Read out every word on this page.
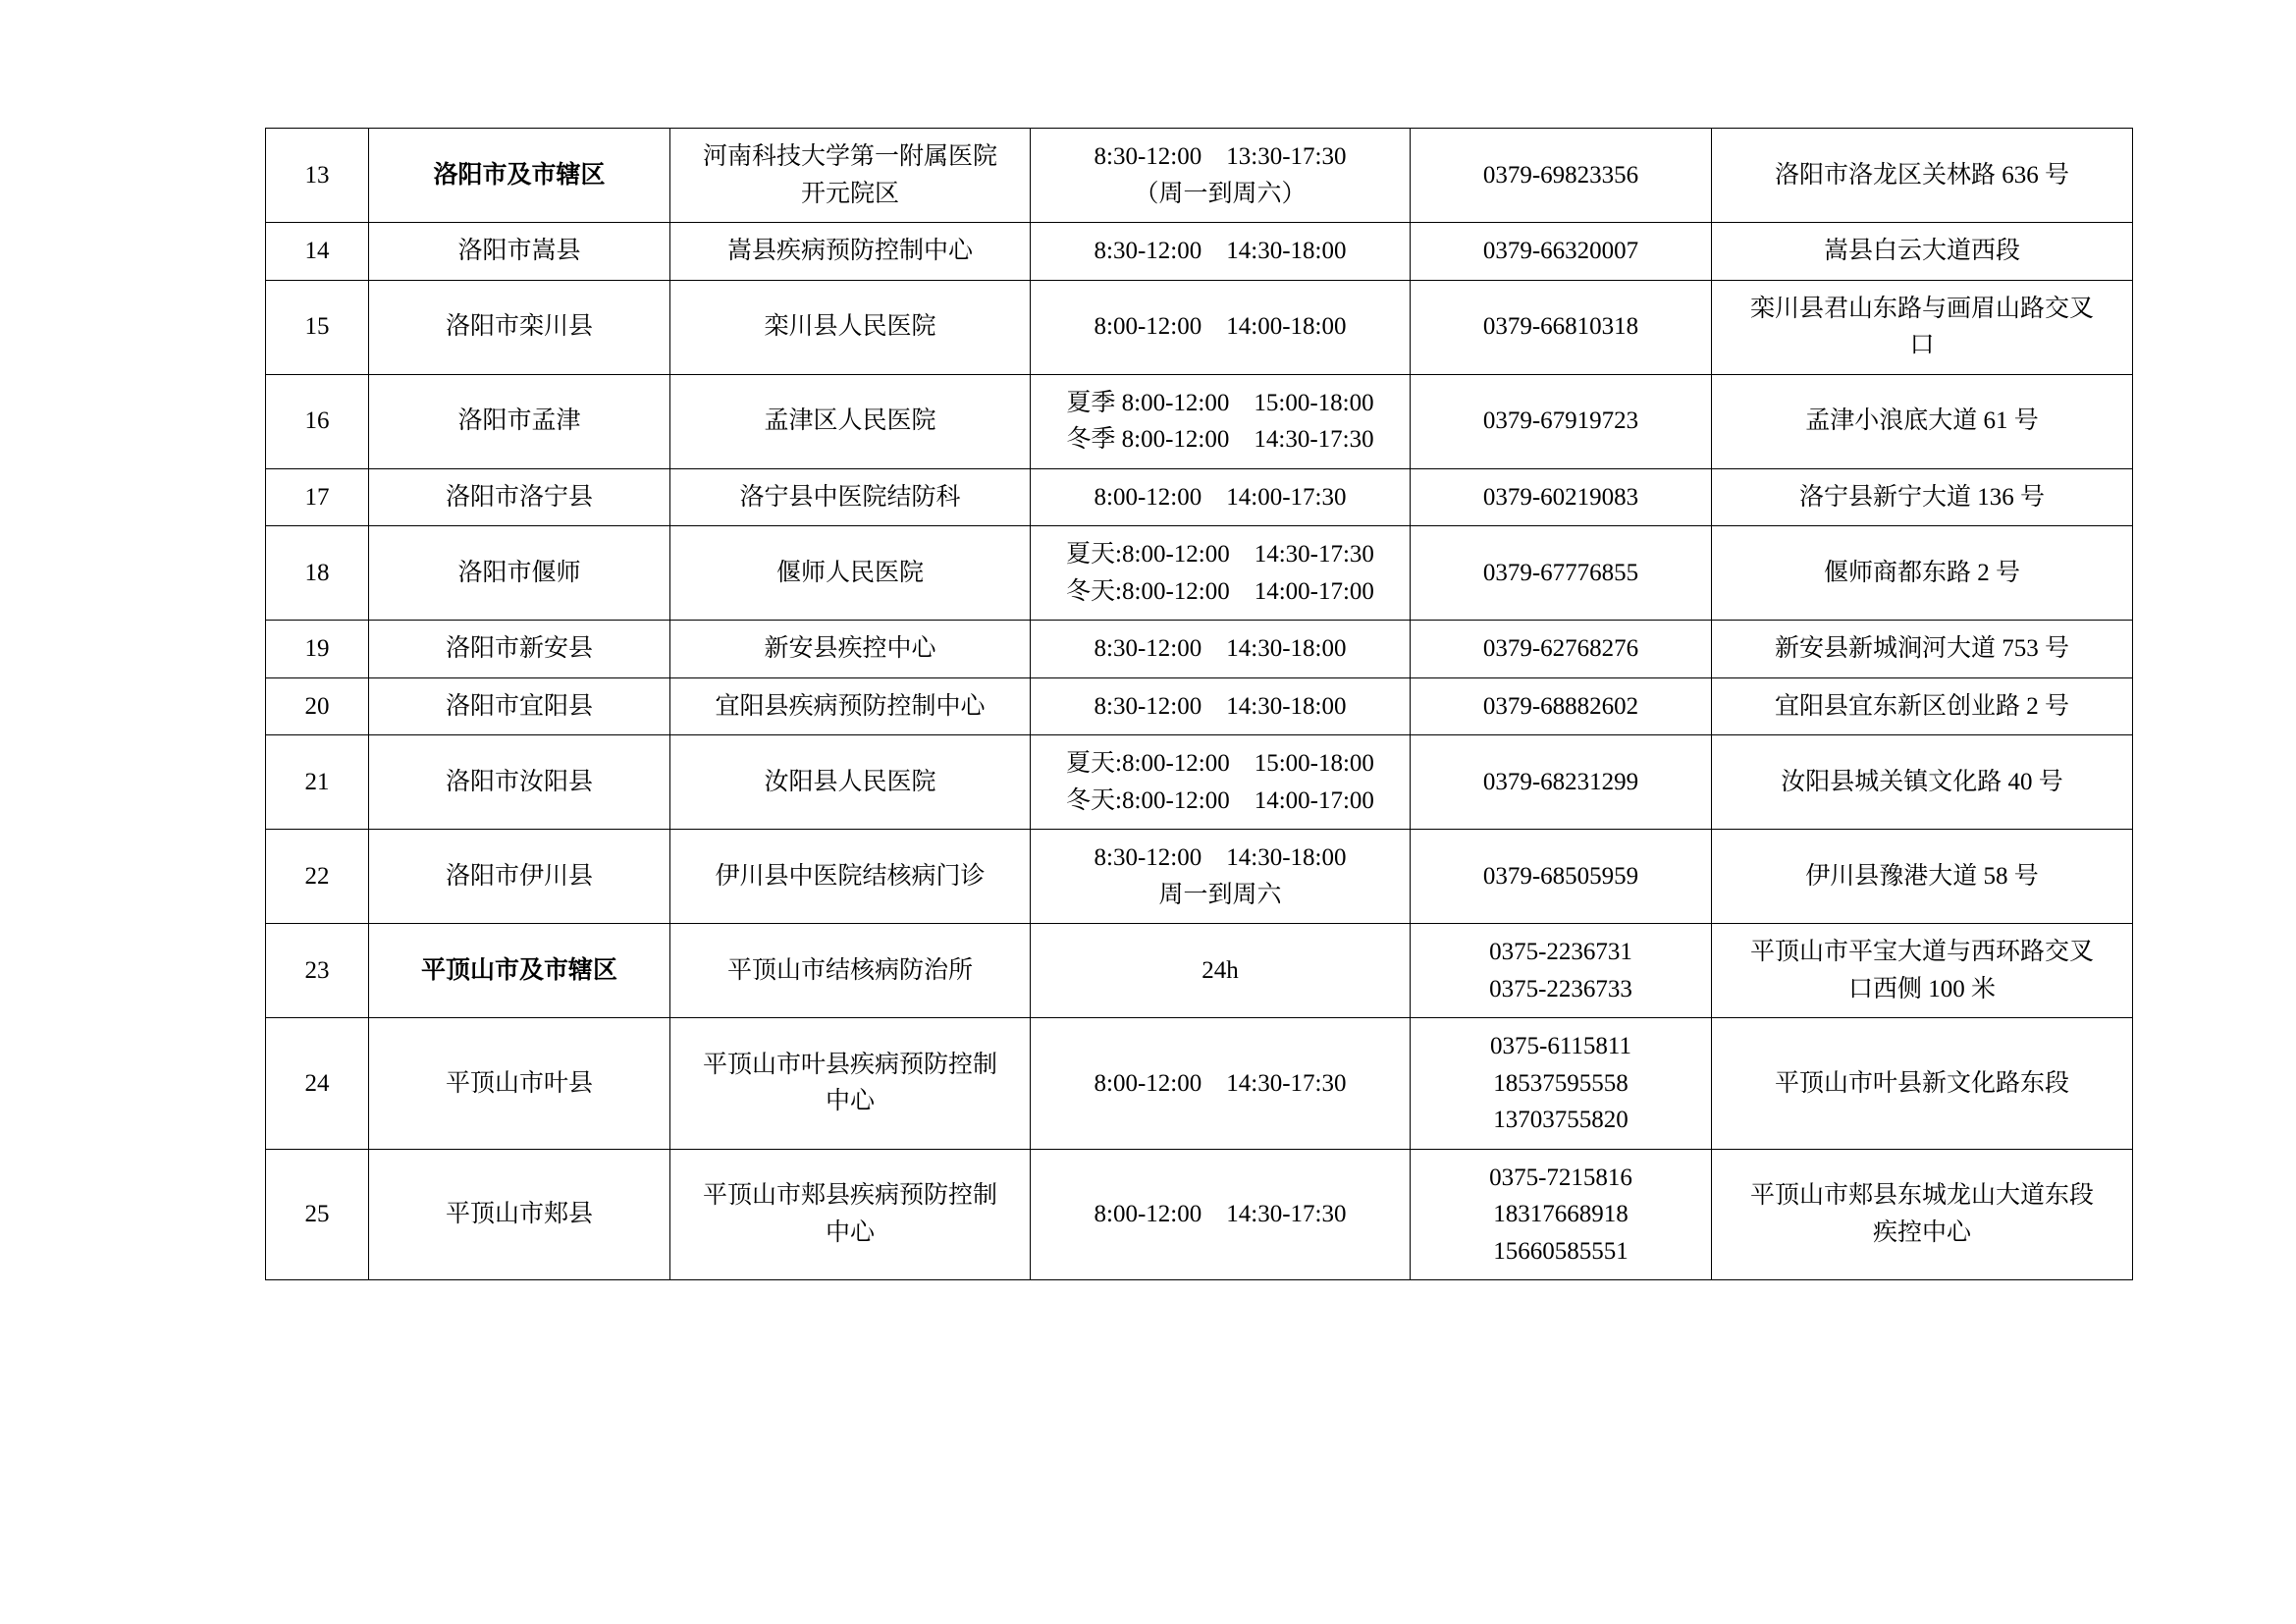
13	洛阳市及市辖区	河南科技大学第一附属医院
开元院区	8:30-12:00　13:30-17:30
（周一到周六）	0379-69823356	洛阳市洛龙区关林路 636 号

14	洛阳市嵩县	嵩县疾病预防控制中心	8:30-12:00　14:30-18:00	0379-66320007	嵩县白云大道西段

15	洛阳市栾川县	栾川县人民医院	8:00-12:00　14:00-18:00	0379-66810318	栾川县君山东路与画眉山路交叉
口

16	洛阳市孟津	孟津区人民医院	夏季 8:00-12:00　15:00-18:00
冬季 8:00-12:00　14:30-17:30	0379-67919723	孟津小浪底大道 61 号

17	洛阳市洛宁县	洛宁县中医院结防科	8:00-12:00　14:00-17:30	0379-60219083	洛宁县新宁大道 136 号

18	洛阳市偃师	偃师人民医院	夏天:8:00-12:00　14:30-17:30
冬天:8:00-12:00　14:00-17:00	0379-67776855	偃师商都东路 2 号

19	洛阳市新安县	新安县疾控中心	8:30-12:00　14:30-18:00	0379-62768276	新安县新城涧河大道 753 号

20	洛阳市宜阳县	宜阳县疾病预防控制中心	8:30-12:00　14:30-18:00	0379-68882602	宜阳县宜东新区创业路 2 号

21	洛阳市汝阳县	汝阳县人民医院	夏天:8:00-12:00　15:00-18:00
冬天:8:00-12:00　14:00-17:00	0379-68231299	汝阳县城关镇文化路 40 号

22	洛阳市伊川县	伊川县中医院结核病门诊	8:30-12:00　14:30-18:00
周一到周六	0379-68505959	伊川县豫港大道 58 号

23	平顶山市及市辖区	平顶山市结核病防治所	24h	0375-2236731
0375-2236733	平顶山市平宝大道与西环路交叉
口西侧 100 米

24	平顶山市叶县	平顶山市叶县疾病预防控制
中心	8:00-12:00　14:30-17:30	0375-6115811
18537595558
13703755820	平顶山市叶县新文化路东段

25	平顶山市郏县	平顶山市郏县疾病预防控制
中心	8:00-12:00　14:30-17:30	0375-7215816
18317668918
15660585551	平顶山市郏县东城龙山大道东段
疾控中心
